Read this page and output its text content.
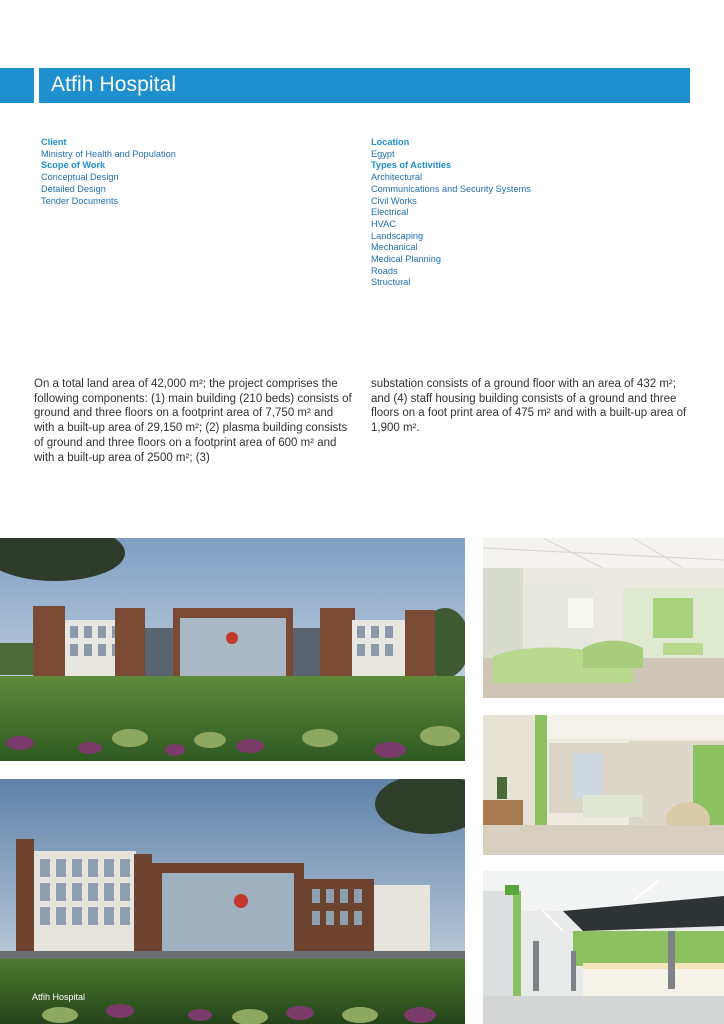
Atfih Hospital
Client
Ministry of Health and Population
Scope of Work
Conceptual Design
Detailed Design
Tender Documents
Location
Egypt
Types of Activities
Architectural
Communications and Security Systems
Civil Works
Electrical
HVAC
Landscaping
Mechanical
Medical Planning
Roads
Structural
On a total land area of 42,000 m²; the project comprises the following components: (1) main building (210 beds) consists of ground and three floors on a footprint area of 7,750 m² and with a built-up area of 29,150 m²; (2) plasma building consists of ground and three floors on a footprint area of 600 m² and with a built-up area of 2500 m²; (3)
substation consists of a ground floor with an area of 432 m²; and (4) staff housing building consists of a ground and three floors on a foot print area of 475 m² and with a built-up area of 1,900 m².
Atfih Hospital
